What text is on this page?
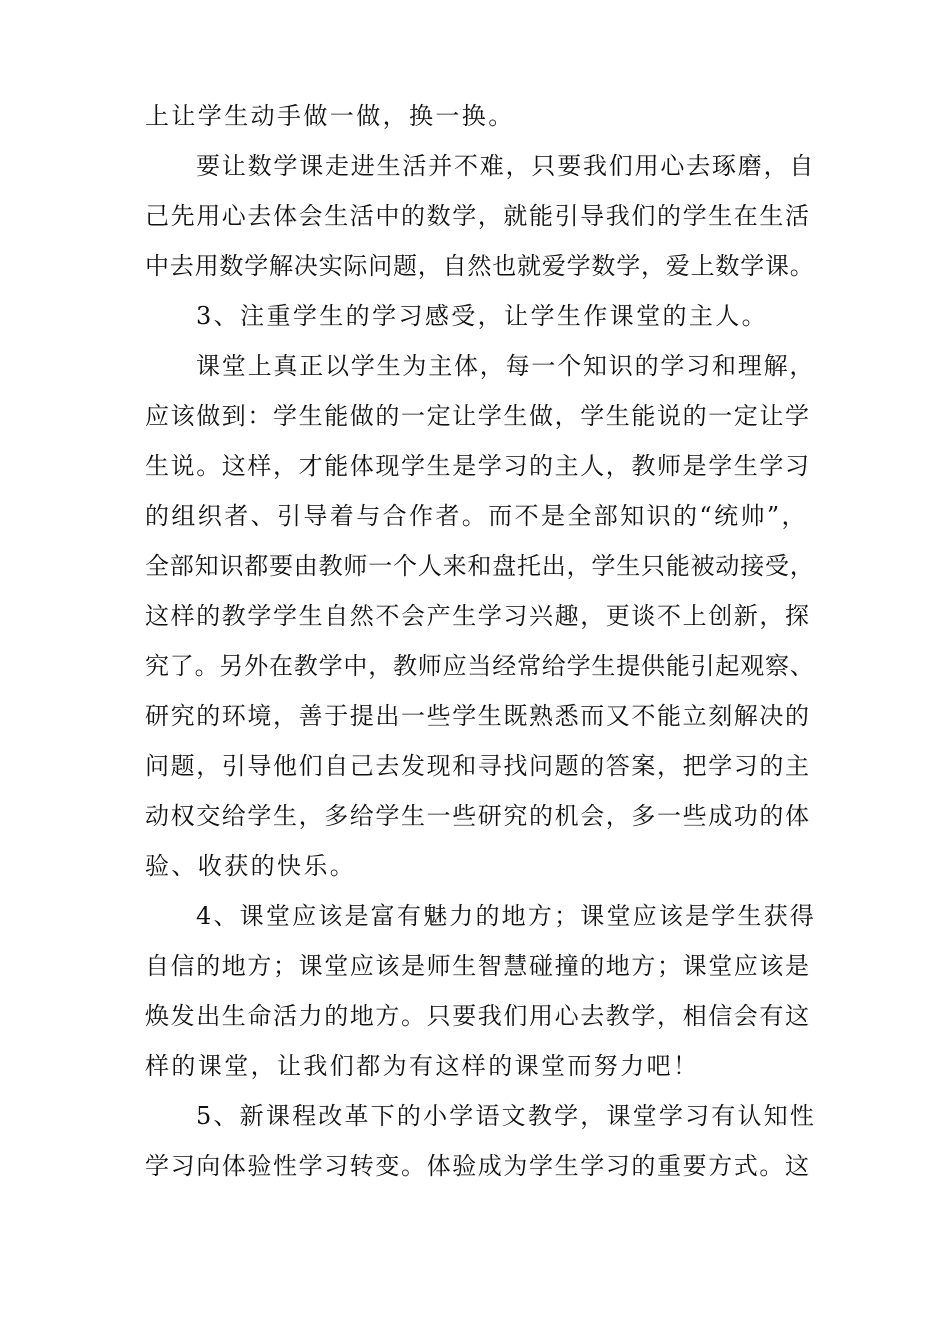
上让学生动手做一做，换一换。
要让数学课走进生活并不难，只要我们用心去琢磨，自
己先用心去体会生活中的数学，就能引导我们的学生在生活
中去用数学解决实际问题，自然也就爱学数学，爱上数学课。
3、注重学生的学习感受，让学生作课堂的主人。
课堂上真正以学生为主体，每一个知识的学习和理解，
应该做到：学生能做的一定让学生做，学生能说的一定让学
生说。这样，才能体现学生是学习的主人，教师是学生学习
的组织者、引导着与合作者。而不是全部知识的“统帅”，
全部知识都要由教师一个人来和盘托出，学生只能被动接受，
这样的教学学生自然不会产生学习兴趣，更谈不上创新，探
究了。另外在教学中，教师应当经常给学生提供能引起观察、
研究的环境，善于提出一些学生既熟悉而又不能立刻解决的
问题，引导他们自己去发现和寻找问题的答案，把学习的主
动权交给学生，多给学生一些研究的机会，多一些成功的体
验、收获的快乐。
4、课堂应该是富有魅力的地方；课堂应该是学生获得
自信的地方；课堂应该是师生智慧碰撞的地方；课堂应该是
焕发出生命活力的地方。只要我们用心去教学，相信会有这
样的课堂，让我们都为有这样的课堂而努力吧！
5、新课程改革下的小学语文教学，课堂学习有认知性
学习向体验性学习转变。体验成为学生学习的重要方式。这
